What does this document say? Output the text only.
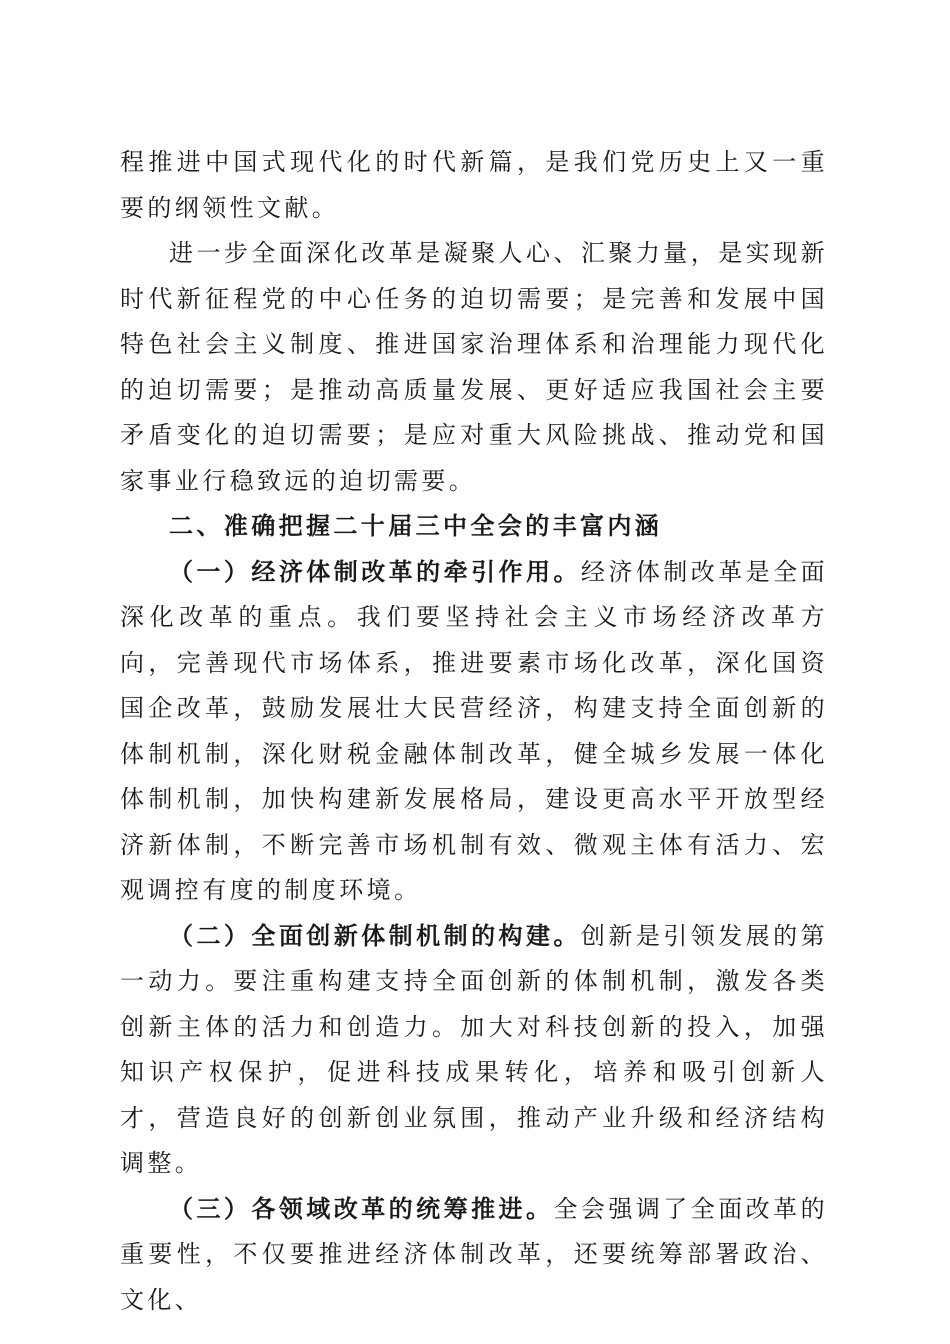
程推进中国式现代化的时代新篇，是我们党历史上又一重要的纲领性文献。

进一步全面深化改革是凝聚人心、汇聚力量，是实现新时代新征程党的中心任务的迫切需要；是完善和发展中国特色社会主义制度、推进国家治理体系和治理能力现代化的迫切需要；是推动高质量发展、更好适应我国社会主要矛盾变化的迫切需要；是应对重大风险挑战、推动党和国家事业行稳致远的迫切需要。

二、准确把握二十届三中全会的丰富内涵

（一）经济体制改革的牵引作用。经济体制改革是全面深化改革的重点。我们要坚持社会主义市场经济改革方向，完善现代市场体系，推进要素市场化改革，深化国资国企改革，鼓励发展壮大民营经济，构建支持全面创新的体制机制，深化财税金融体制改革，健全城乡发展一体化体制机制，加快构建新发展格局，建设更高水平开放型经济新体制，不断完善市场机制有效、微观主体有活力、宏观调控有度的制度环境。

（二）全面创新体制机制的构建。创新是引领发展的第一动力。要注重构建支持全面创新的体制机制，激发各类创新主体的活力和创造力。加大对科技创新的投入，加强知识产权保护，促进科技成果转化，培养和吸引创新人才，营造良好的创新创业氛围，推动产业升级和经济结构调整。

（三）各领域改革的统筹推进。全会强调了全面改革的重要性，不仅要推进经济体制改革，还要统筹部署政治、文化、
